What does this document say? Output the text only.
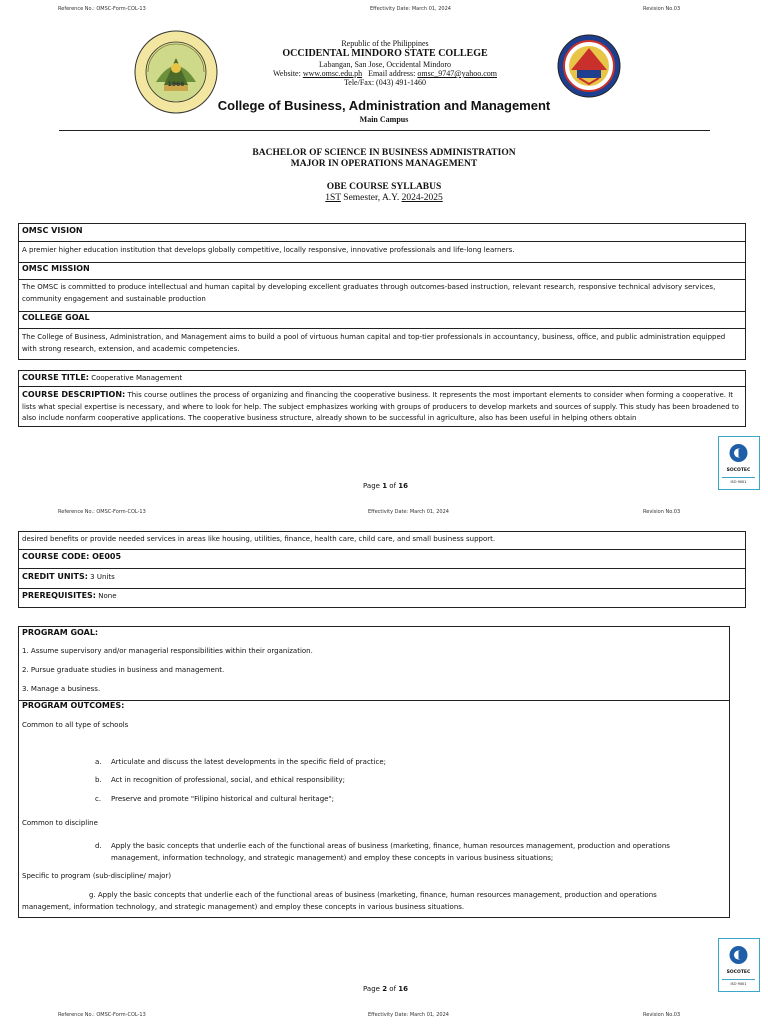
Reference No.: OMSC-Form-COL-13	Effectivity Date: March 01, 2024	Revision No.03
1966
Republic of the Philippines
OCCIDENTAL MINDORO STATE COLLEGE
Labangan, San Jose, Occidental Mindoro
Website: www.omsc.edu.ph Email address: omsc_9747@yahoo.com
Tele/Fax: (043) 491-1460
College of Business, Administration and Management
Main Campus
BACHELOR OF SCIENCE IN BUSINESS ADMINISTRATION
MAJOR IN OPERATIONS MANAGEMENT
OBE COURSE SYLLABUS
1ST Semester, A.Y. 2024-2025
OMSC VISION
A premier higher education institution that develops globally competitive, locally responsive, innovative professionals and life-long learners.
OMSC MISSION
The OMSC is committed to produce intellectual and human capital by developing excellent graduates through outcomes-based instruction, relevant research, responsive technical advisory services, community engagement and sustainable production
COLLEGE GOAL
The College of Business, Administration, and Management aims to build a pool of virtuous human capital and top-tier professionals in accountancy, business, office, and public administration equipped with strong research, extension, and academic competencies.
COURSE TITLE: Cooperative Management
COURSE DESCRIPTION: This course outlines the process of organizing and financing the cooperative business. It represents the most important elements to consider when forming a cooperative. It lists what special expertise is necessary, and where to look for help. The subject emphasizes working with groups of producers to develop markets and sources of supply. This study has been broadened to also include nonfarm cooperative applications. The cooperative business structure, already shown to be successful in agriculture, also has been useful in helping others obtain
Page 1 of 16
SOCOTEC
ISO 9001
Reference No.: OMSC-Form-COL-13	Effectivity Date: March 01, 2024	Revision No.03
desired benefits or provide needed services in areas like housing, utilities, finance, health care, child care, and small business support.
COURSE CODE: OE005
CREDIT UNITS: 3 Units
PREREQUISITES: None
PROGRAM GOAL:
1. Assume supervisory and/or managerial responsibilities within their organization.
2. Pursue graduate studies in business and management.
3. Manage a business.
PROGRAM OUTCOMES:
Common to all type of schools
a. Articulate and discuss the latest developments in the specific field of practice;
b. Act in recognition of professional, social, and ethical responsibility;
c. Preserve and promote "Filipino historical and cultural heritage";
Common to discipline
d. Apply the basic concepts that underlie each of the functional areas of business (marketing, finance, human resources management, production and operations management, information technology, and strategic management) and employ these concepts in various business situations;
Specific to program (sub-discipline/ major)
g. Apply the basic concepts that underlie each of the functional areas of business (marketing, finance, human resources management, production and operations
management, information technology, and strategic management) and employ these concepts in various business situations.
Page 2 of 16
SOCOTEC
ISO 9001
Reference No.: OMSC-Form-COL-13	Effectivity Date: March 01, 2024	Revision No.03
